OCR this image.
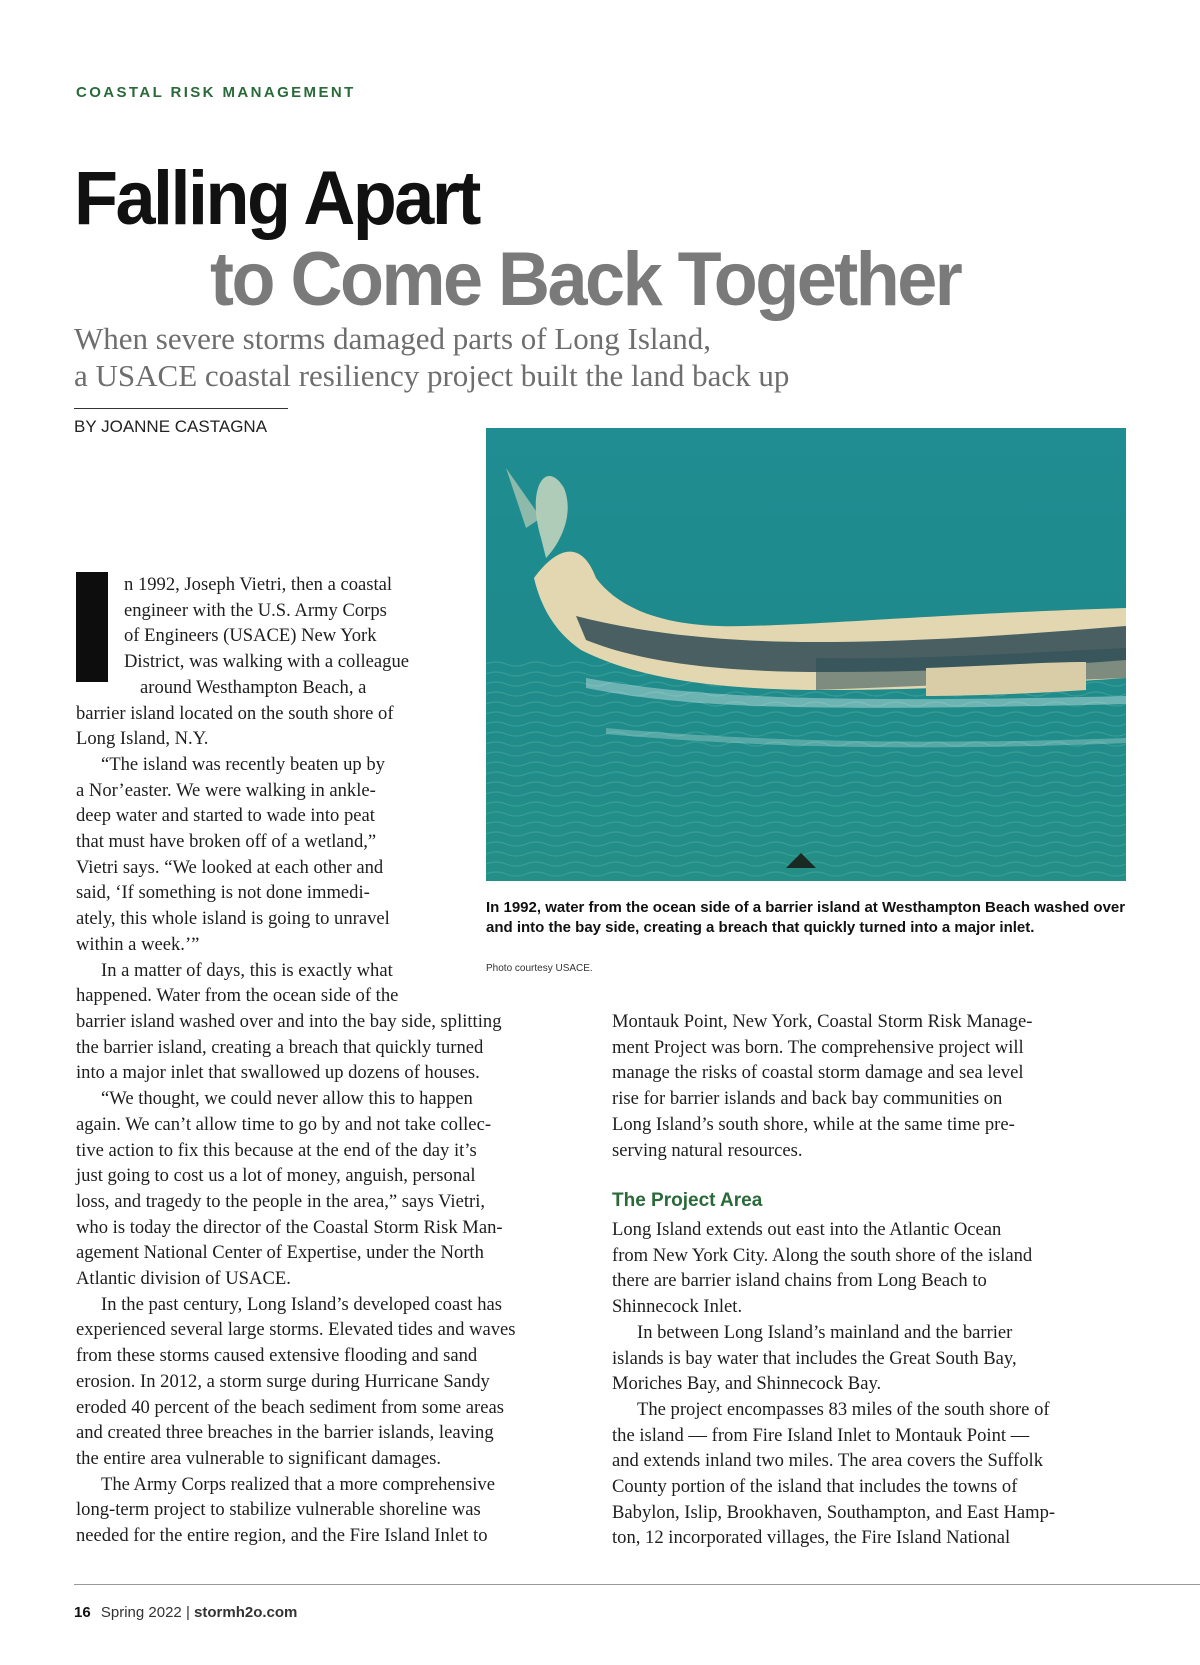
COASTAL RISK MANAGEMENT
Falling Apart
to Come Back Together
When severe storms damaged parts of Long Island,
a USACE coastal resiliency project built the land back up
BY JOANNE CASTAGNA
In 1992, water from the ocean side of a barrier island at Westhampton Beach washed over and into the bay side, creating a breach that quickly turned into a major inlet.
Photo courtesy USACE.
n 1992, Joseph Vietri, then a coastal
engineer with the U.S. Army Corps
of Engineers (USACE) New York
District, was walking with a colleague
around Westhampton Beach, a
barrier island located on the south shore of
Long Island, N.Y.
“The island was recently beaten up by
a Nor’easter. We were walking in ankle-
deep water and started to wade into peat
that must have broken off of a wetland,”
Vietri says. “We looked at each other and
said, ‘If something is not done immedi-
ately, this whole island is going to unravel
within a week.’”
In a matter of days, this is exactly what
happened. Water from the ocean side of the
barrier island washed over and into the bay side, splitting
the barrier island, creating a breach that quickly turned
into a major inlet that swallowed up dozens of houses.
“We thought, we could never allow this to happen
again. We can’t allow time to go by and not take collec-
tive action to fix this because at the end of the day it’s
just going to cost us a lot of money, anguish, personal
loss, and tragedy to the people in the area,” says Vietri,
who is today the director of the Coastal Storm Risk Man-
agement National Center of Expertise, under the North
Atlantic division of USACE.
In the past century, Long Island’s developed coast has
experienced several large storms. Elevated tides and waves
from these storms caused extensive flooding and sand
erosion. In 2012, a storm surge during Hurricane Sandy
eroded 40 percent of the beach sediment from some areas
and created three breaches in the barrier islands, leaving
the entire area vulnerable to significant damages.
The Army Corps realized that a more comprehensive
long-term project to stabilize vulnerable shoreline was
needed for the entire region, and the Fire Island Inlet to
Montauk Point, New York, Coastal Storm Risk Manage-
ment Project was born. The comprehensive project will
manage the risks of coastal storm damage and sea level
rise for barrier islands and back bay communities on
Long Island’s south shore, while at the same time pre-
serving natural resources.
The Project Area
Long Island extends out east into the Atlantic Ocean
from New York City. Along the south shore of the island
there are barrier island chains from Long Beach to
Shinnecock Inlet.
In between Long Island’s mainland and the barrier
islands is bay water that includes the Great South Bay,
Moriches Bay, and Shinnecock Bay.
The project encompasses 83 miles of the south shore of
the island — from Fire Island Inlet to Montauk Point —
and extends inland two miles. The area covers the Suffolk
County portion of the island that includes the towns of
Babylon, Islip, Brookhaven, Southampton, and East Hamp-
ton, 12 incorporated villages, the Fire Island National
16 Spring 2022 | stormh2o.com
